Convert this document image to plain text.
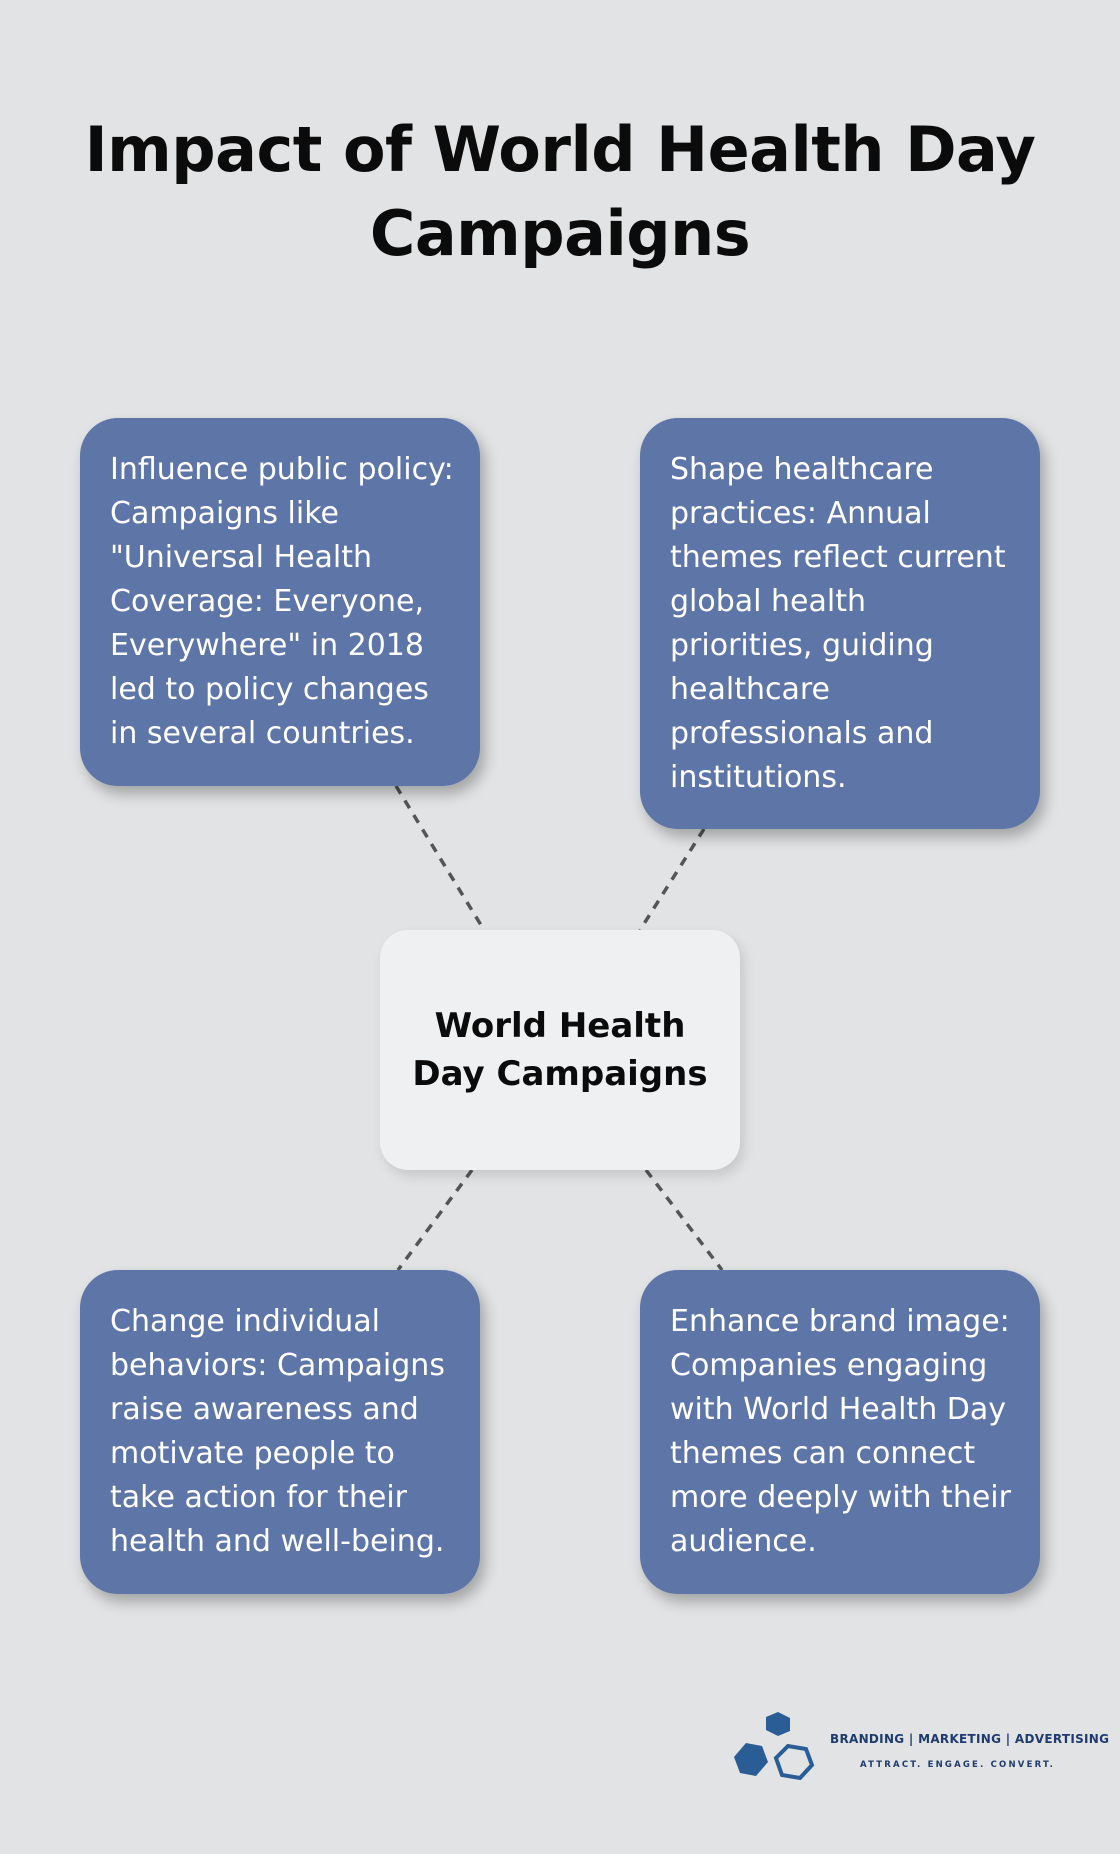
Impact of World Health Day Campaigns
Influence public policy: Campaigns like "Universal Health Coverage: Everyone, Everywhere" in 2018 led to policy changes in several countries.
Shape healthcare practices: Annual themes reflect current global health priorities, guiding healthcare professionals and institutions.
Change individual behaviors: Campaigns raise awareness and motivate people to take action for their health and well-being.
Enhance brand image: Companies engaging with World Health Day themes can connect more deeply with their audience.
World Health Day Campaigns
BRANDING | MARKETING | ADVERTISING
ATTRACT. ENGAGE. CONVERT.
